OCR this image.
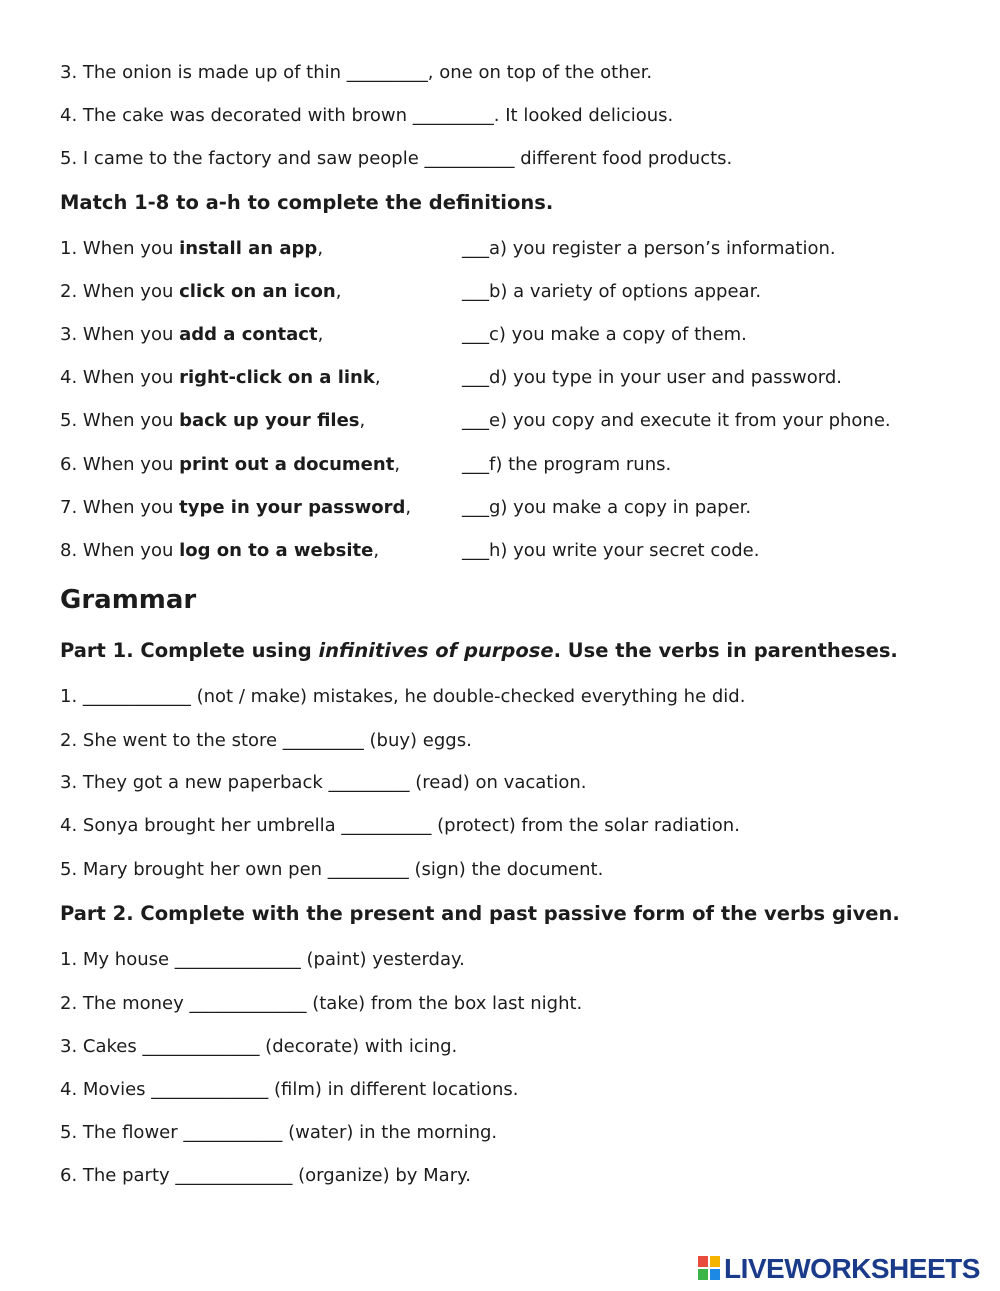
3. The onion is made up of thin _________, one on top of the other.
4. The cake was decorated with brown _________. It looked delicious.
5. I came to the factory and saw people __________ different food products.
Match 1-8 to a-h to complete the definitions.
1. When you install an app,
2. When you click on an icon,
3. When you add a contact,
4. When you right-click on a link,
5. When you back up your files,
6. When you print out a document,
7. When you type in your password,
8. When you log on to a website,
___a) you register a person’s information.
___b) a variety of options appear.
___c) you make a copy of them.
___d) you type in your user and password.
___e) you copy and execute it from your phone.
___f) the program runs.
___g) you make a copy in paper.
___h) you write your secret code.
Grammar
Part 1. Complete using infinitives of purpose. Use the verbs in parentheses.
1. ____________ (not / make) mistakes, he double-checked everything he did.
2. She went to the store _________ (buy) eggs.
3. They got a new paperback _________ (read) on vacation.
4. Sonya brought her umbrella __________ (protect) from the solar radiation.
5. Mary brought her own pen _________ (sign) the document.
Part 2. Complete with the present and past passive form of the verbs given.
1. My house ______________ (paint) yesterday.
2. The money _____________ (take) from the box last night.
3. Cakes _____________ (decorate) with icing.
4. Movies _____________ (film) in different locations.
5. The flower ___________ (water) in the morning.
6. The party _____________ (organize) by Mary.
LIVEWORKSHEETS
